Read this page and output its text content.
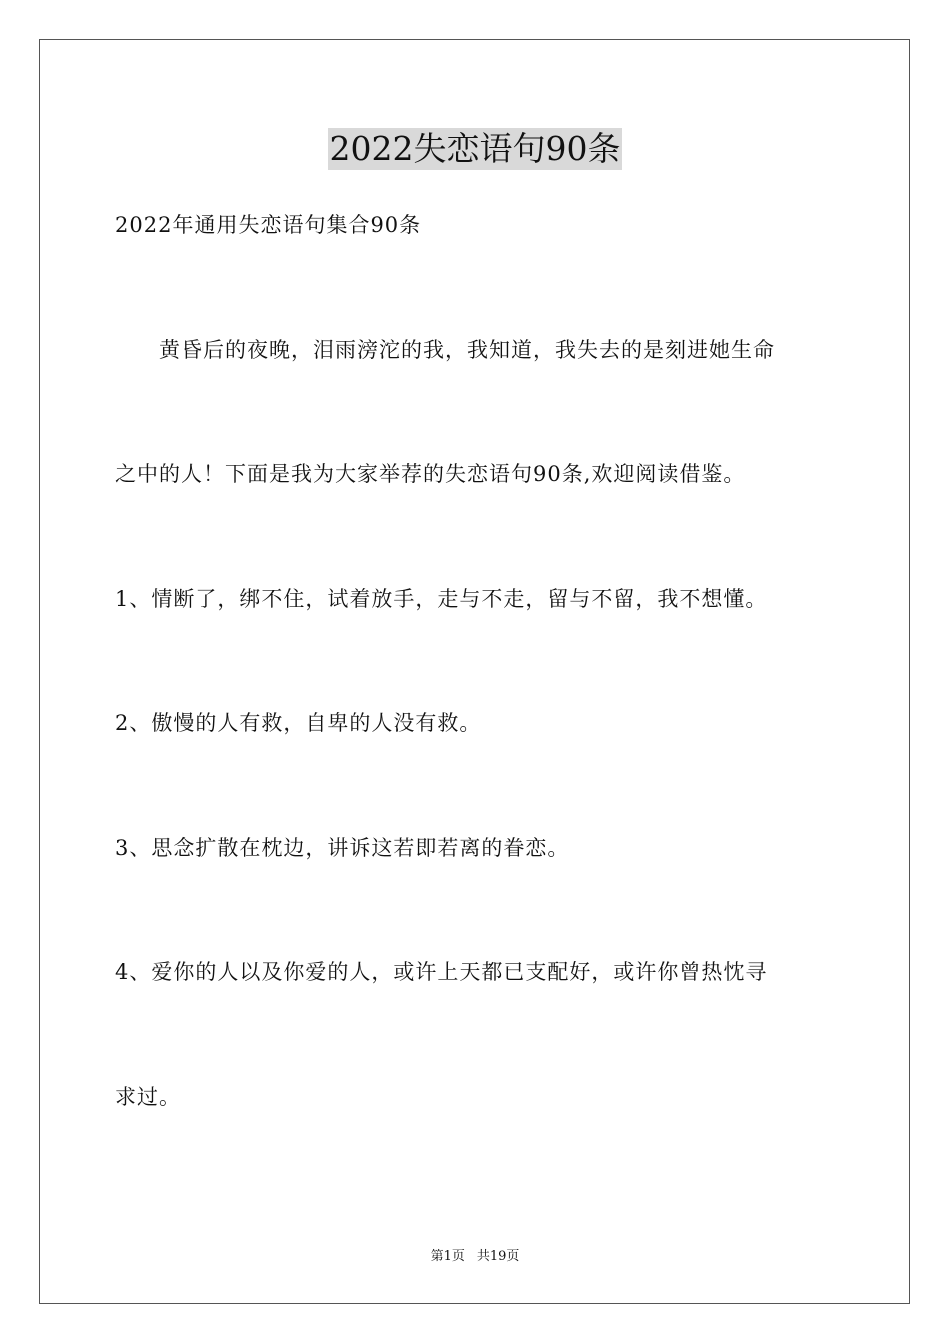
2022失恋语句90条
2022年通用失恋语句集合90条
　　黄昏后的夜晚，泪雨滂沱的我，我知道，我失去的是刻进她生命
之中的人！下面是我为大家举荐的失恋语句90条,欢迎阅读借鉴。
1、情断了，绑不住，试着放手，走与不走，留与不留，我不想懂。
2、傲慢的人有救，自卑的人没有救。
3、思念扩散在枕边，讲诉这若即若离的眷恋。
4、爱你的人以及你爱的人，或许上天都已支配好，或许你曾热忱寻
求过。
第1页 共19页
